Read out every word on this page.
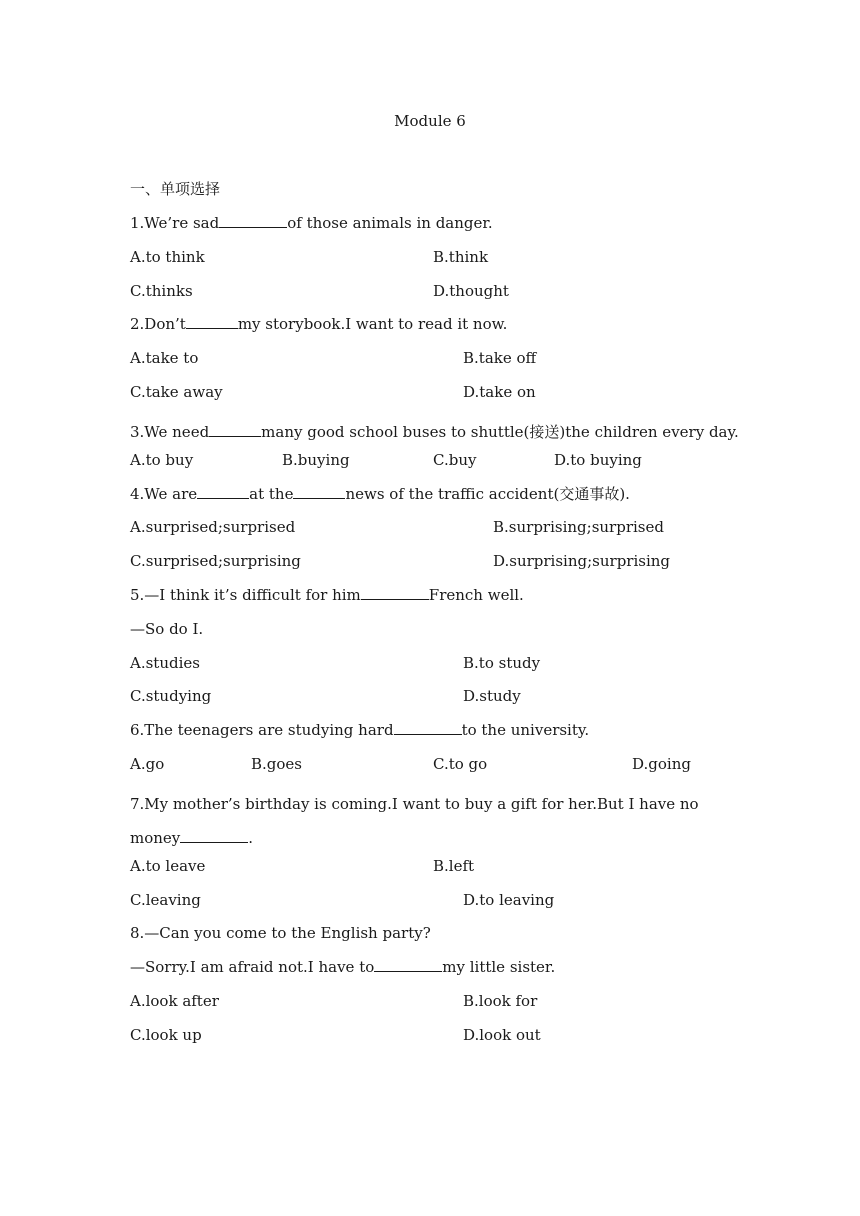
Module 6
一、单项选择
1.We’re sad	of those animals in danger.
A.to think	B.think
C.thinks	D.thought
2.Don’t	my storybook.I want to read it now.
A.take to	B.take off
C.take away	D.take on
3.We need	many good school buses to shuttle(接送)the children every day.
A.to buy	B.buying	C.buy	D.to buying
4.We are	at the	news of the traffic accident(交通事故).
A.surprised;surprised	B.surprising;surprised
C.surprised;surprising	D.surprising;surprising
5.—I think it’s difficult for him	French well.
—So do I.
A.studies	B.to study
C.studying	D.study
6.The teenagers are studying hard	to the university.
A.go	B.goes	C.to go	D.going
7.My mother’s birthday is coming.I want to buy a gift for her.But I have no money	.
A.to leave	B.left
C.leaving	D.to leaving
8.—Can you come to the English party?
—Sorry.I am afraid not.I have to	my little sister.
A.look after	B.look for
C.look up	D.look out
